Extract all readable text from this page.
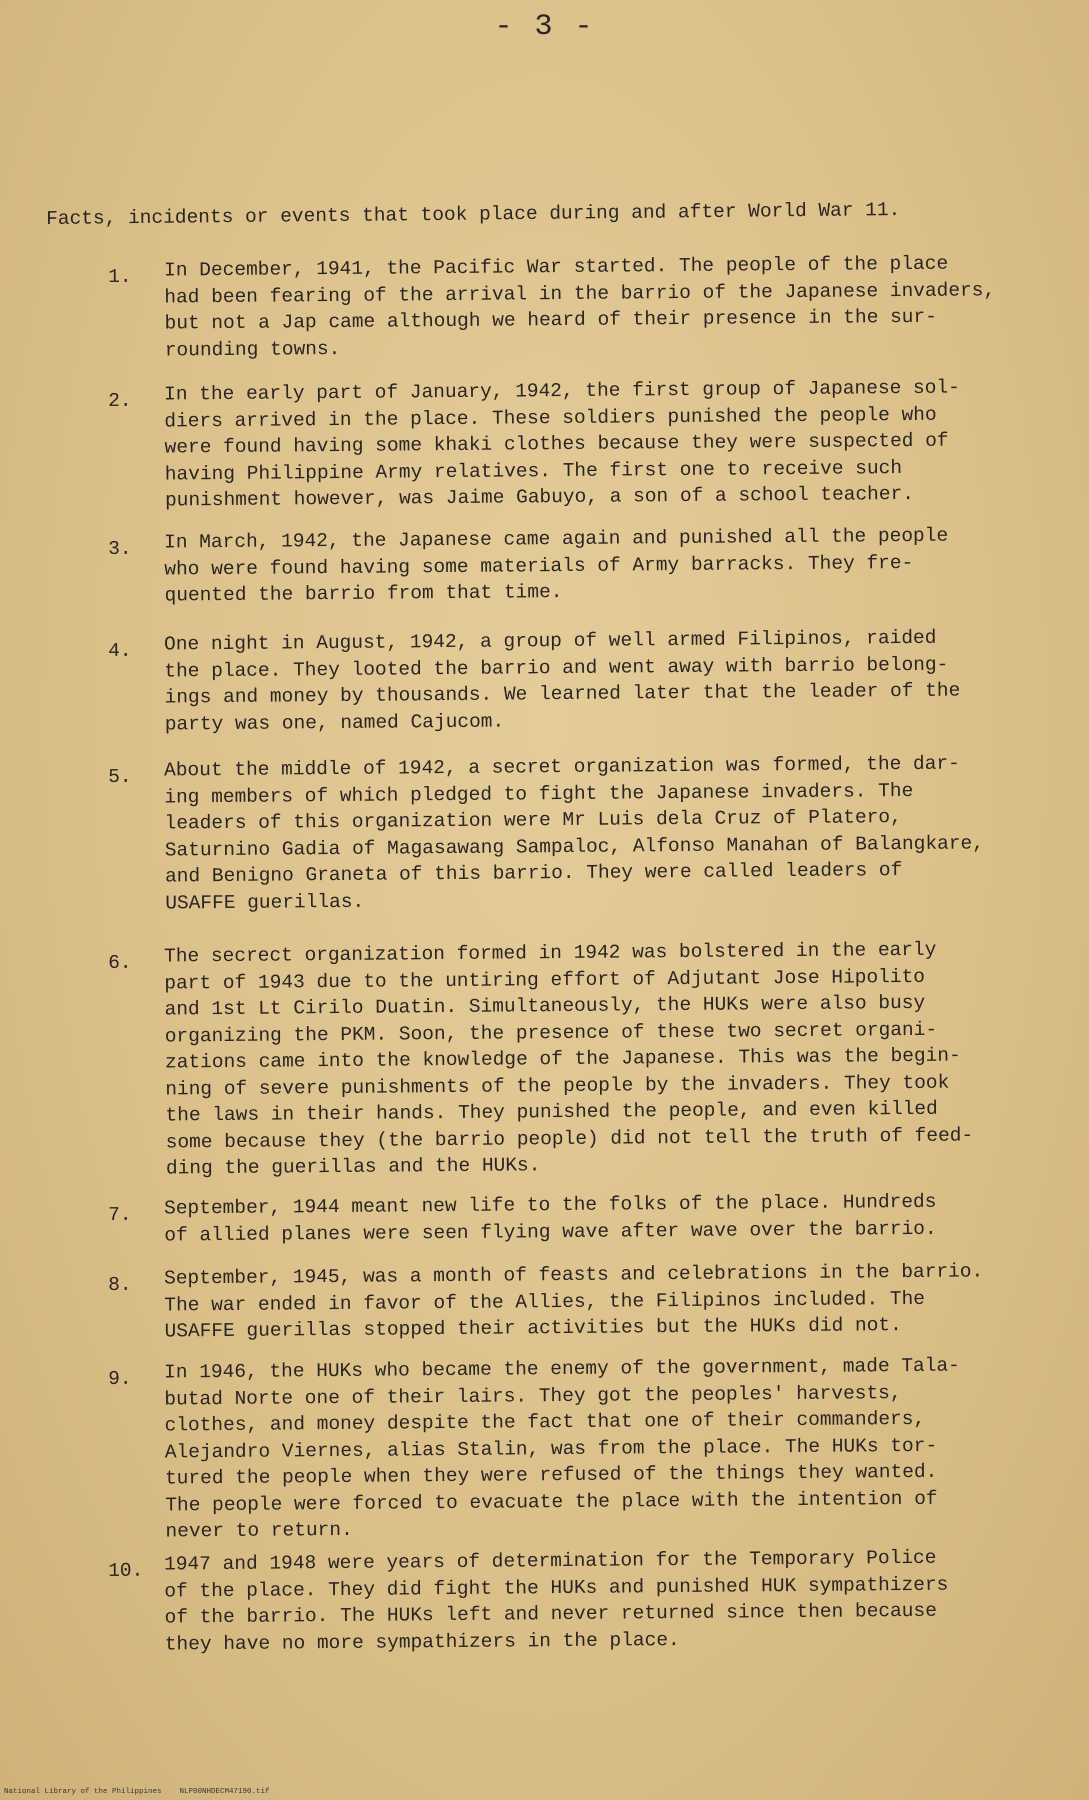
- 3 -
Facts, incidents or events that took place during and after World War 11.
1.	In December, 1941, the Pacific War started. The people of the place
had been fearing of the arrival in the barrio of the Japanese invaders,
but not a Jap came although we heard of their presence in the sur-
rounding towns.
2.	In the early part of January, 1942, the first group of Japanese sol-
diers arrived in the place. These soldiers punished the people who
were found having some khaki clothes because they were suspected of
having Philippine Army relatives. The first one to receive such
punishment however, was Jaime Gabuyo, a son of a school teacher.
3.	In March, 1942, the Japanese came again and punished all the people
who were found having some materials of Army barracks. They fre-
quented the barrio from that time.
4.	One night in August, 1942, a group of well armed Filipinos, raided
the place. They looted the barrio and went away with barrio belong-
ings and money by thousands. We learned later that the leader of the
party was one, named Cajucom.
5.	About the middle of 1942, a secret organization was formed, the dar-
ing members of which pledged to fight the Japanese invaders. The
leaders of this organization were Mr Luis dela Cruz of Platero,
Saturnino Gadia of Magasawang Sampaloc, Alfonso Manahan of Balangkare,
and Benigno Graneta of this barrio. They were called leaders of
USAFFE guerillas.
6.	The secrect organization formed in 1942 was bolstered in the early
part of 1943 due to the untiring effort of Adjutant Jose Hipolito
and 1st Lt Cirilo Duatin. Simultaneously, the HUKs were also busy
organizing the PKM. Soon, the presence of these two secret organi-
zations came into the knowledge of the Japanese. This was the begin-
ning of severe punishments of the people by the invaders. They took
the laws in their hands. They punished the people, and even killed
some because they (the barrio people) did not tell the truth of feed-
ding the guerillas and the HUKs.
7.	September, 1944 meant new life to the folks of the place. Hundreds
of allied planes were seen flying wave after wave over the barrio.
8.	September, 1945, was a month of feasts and celebrations in the barrio.
The war ended in favor of the Allies, the Filipinos included. The
USAFFE guerillas stopped their activities but the HUKs did not.
9.	In 1946, the HUKs who became the enemy of the government, made Tala-
butad Norte one of their lairs. They got the peoples' harvests,
clothes, and money despite the fact that one of their commanders,
Alejandro Viernes, alias Stalin, was from the place. The HUKs tor-
tured the people when they were refused of the things they wanted.
The people were forced to evacuate the place with the intention of
never to return.
10.	1947 and 1948 were years of determination for the Temporary Police
of the place. They did fight the HUKs and punished HUK sympathizers
of the barrio. The HUKs left and never returned since then because
they have no more sympathizers in the place.
National Library of the Philippines    NLP00NHDECM47190.tif
